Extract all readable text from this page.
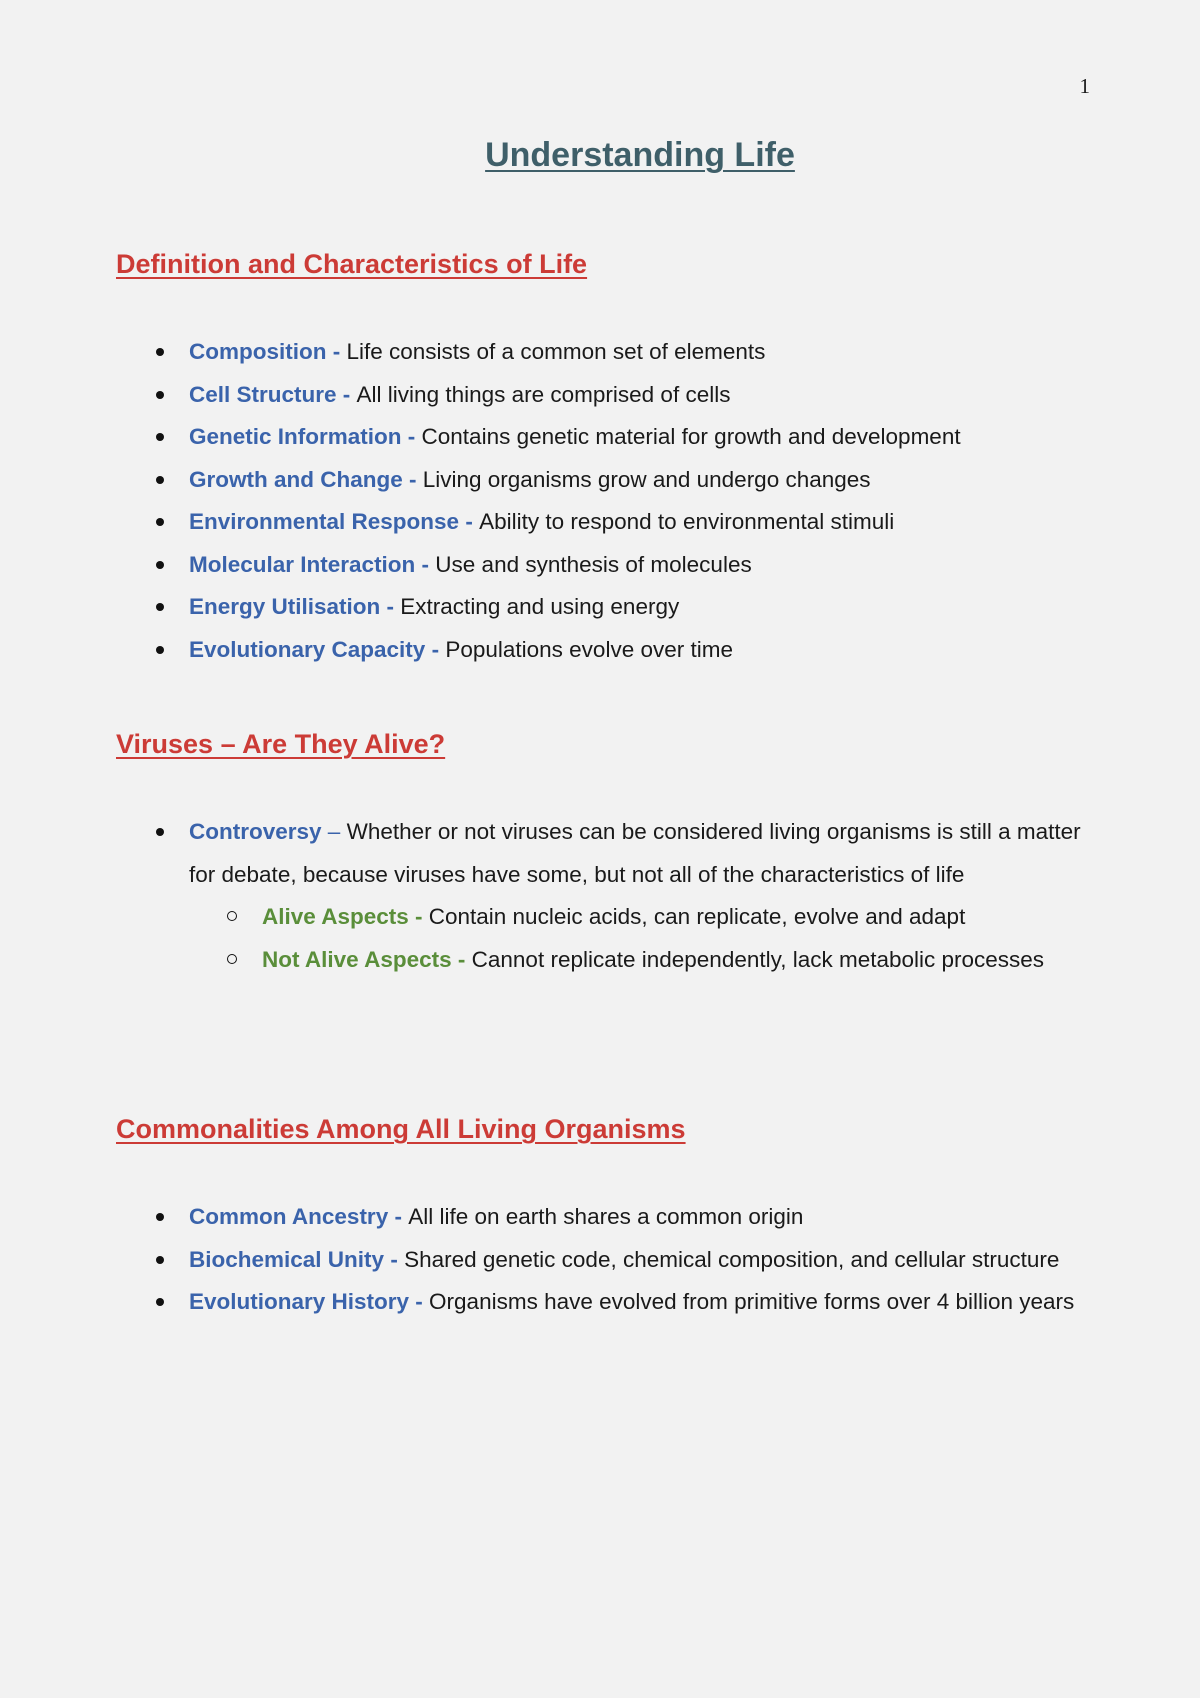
1
Understanding Life
Definition and Characteristics of Life
Composition - Life consists of a common set of elements
Cell Structure - All living things are comprised of cells
Genetic Information - Contains genetic material for growth and development
Growth and Change - Living organisms grow and undergo changes
Environmental Response - Ability to respond to environmental stimuli
Molecular Interaction - Use and synthesis of molecules
Energy Utilisation - Extracting and using energy
Evolutionary Capacity - Populations evolve over time
Viruses – Are They Alive?
Controversy – Whether or not viruses can be considered living organisms is still a matter for debate, because viruses have some, but not all of the characteristics of life
Alive Aspects - Contain nucleic acids, can replicate, evolve and adapt
Not Alive Aspects - Cannot replicate independently, lack metabolic processes
Commonalities Among All Living Organisms
Common Ancestry - All life on earth shares a common origin
Biochemical Unity - Shared genetic code, chemical composition, and cellular structure
Evolutionary History - Organisms have evolved from primitive forms over 4 billion years
